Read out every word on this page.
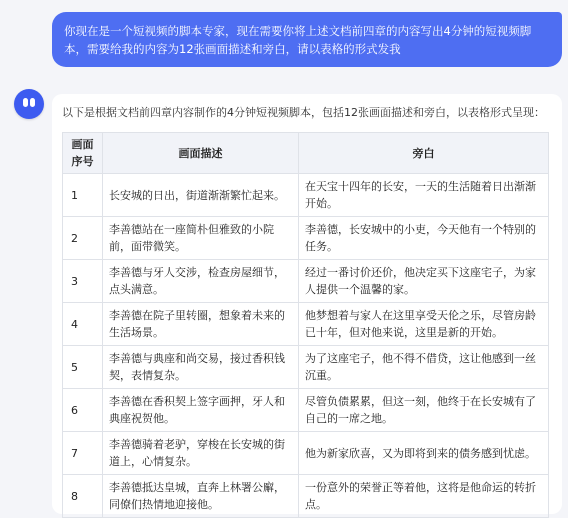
你现在是一个短视频的脚本专家，现在需要你将上述文档前四章的内容写出4分钟的短视频脚本，需要给我的内容为12张画面描述和旁白，请以表格的形式发我

以下是根据文档前四章内容制作的4分钟短视频脚本，包括12张画面描述和旁白，以表格形式呈现：

画面序号	画面描述	旁白
1	长安城的日出，街道渐渐繁忙起来。	在天宝十四年的长安，一天的生活随着日出渐渐开始。
2	李善德站在一座简朴但雅致的小院前，面带微笑。	李善德，长安城中的小吏，今天他有一个特别的任务。
3	李善德与牙人交涉，检查房屋细节，点头满意。	经过一番讨价还价，他决定买下这座宅子，为家人提供一个温馨的家。
4	李善德在院子里转圈，想象着未来的生活场景。	他梦想着与家人在这里享受天伦之乐，尽管房龄已十年，但对他来说，这里是新的开始。
5	李善德与典座和尚交易，接过香积钱契，表情复杂。	为了这座宅子，他不得不借贷，这让他感到一丝沉重。
6	李善德在香积契上签字画押，牙人和典座祝贺他。	尽管负债累累，但这一刻，他终于在长安城有了自己的一席之地。
7	李善德骑着老驴，穿梭在长安城的街道上，心情复杂。	他为新家欣喜，又为即将到来的债务感到忧虑。
8	李善德抵达皇城，直奔上林署公廨，同僚们热情地迎接他。	一份意外的荣誉正等着他，这将是他命运的转折点。
